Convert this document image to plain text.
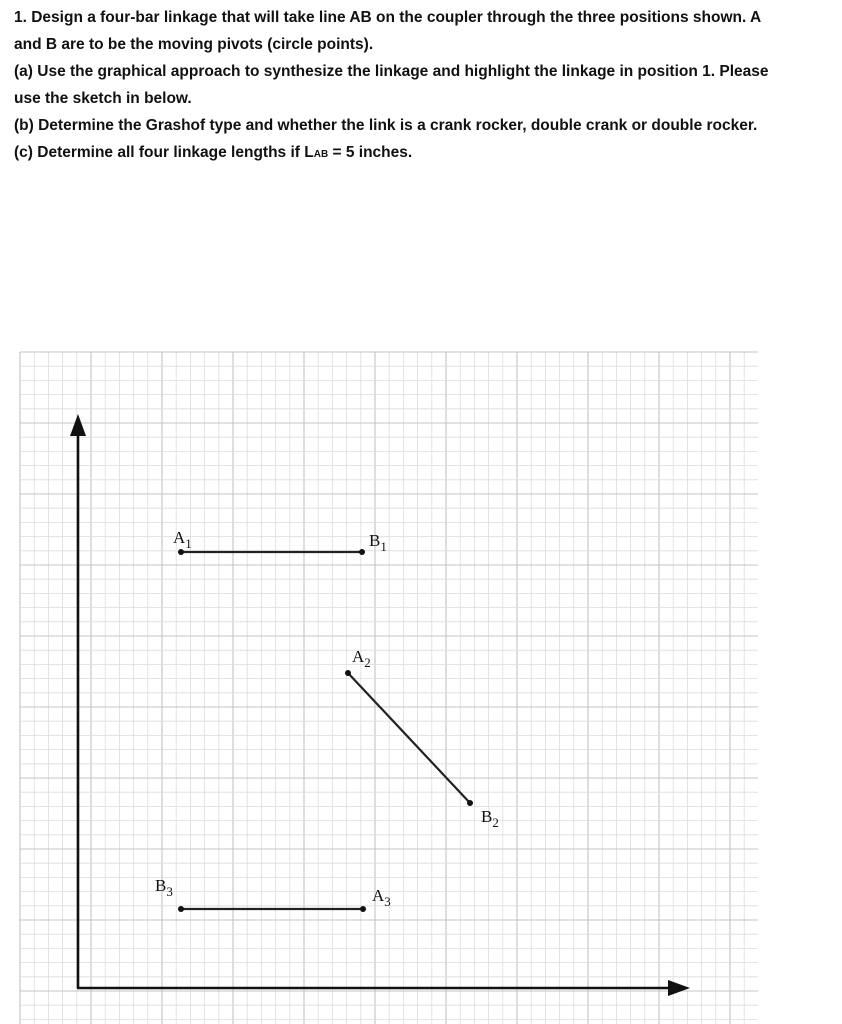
1. Design a four-bar linkage that will take line AB on the coupler through the three positions shown. A

and B are to be the moving pivots (circle points).

(a) Use the graphical approach to synthesize the linkage and highlight the linkage in position 1. Please

use the sketch in below.

(b) Determine the Grashof type and whether the link is a crank rocker, double crank or double rocker.

(c) Determine all four linkage lengths if LAB = 5 inches.

$A_1$	$B_1$
$A_2$
$B_2$
$B_3$	$A_3$
